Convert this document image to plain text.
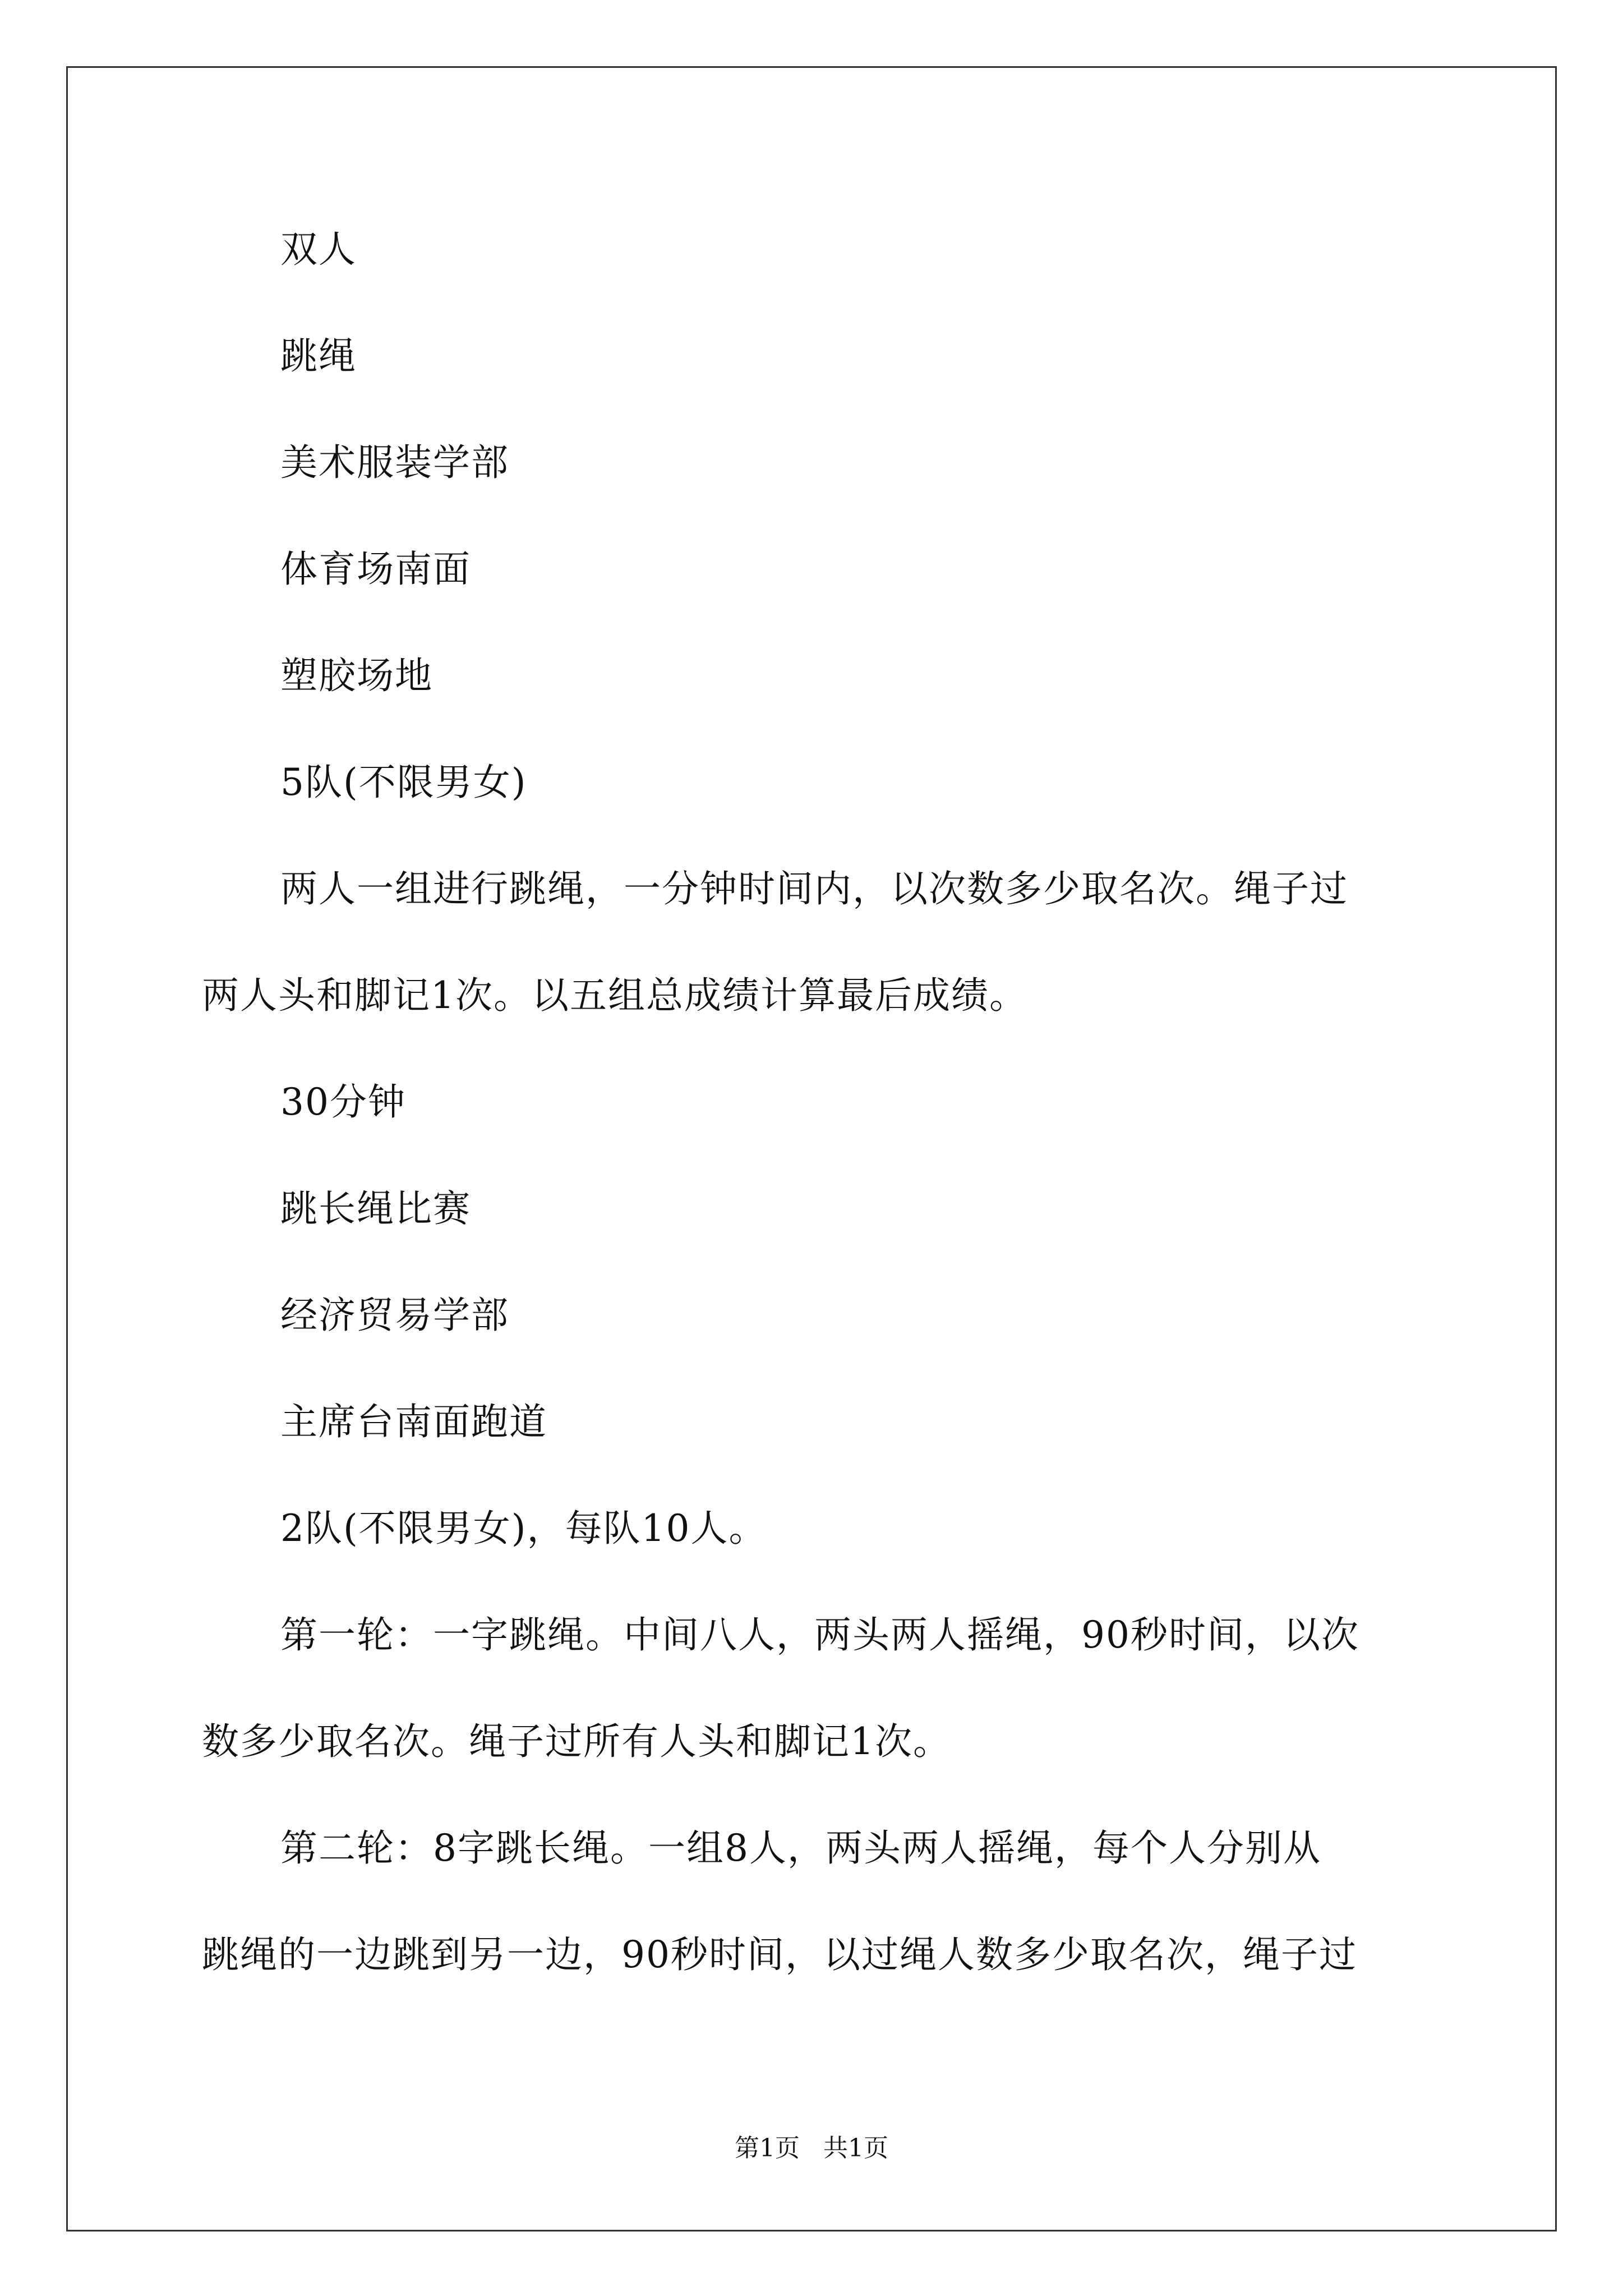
双人
跳绳
美术服装学部
体育场南面
塑胶场地
5队(不限男女)
两人一组进行跳绳，一分钟时间内，以次数多少取名次。绳子过
两人头和脚记1次。以五组总成绩计算最后成绩。
30分钟
跳长绳比赛
经济贸易学部
主席台南面跑道
2队(不限男女)，每队10人。
第一轮：一字跳绳。中间八人，两头两人摇绳，90秒时间，以次
数多少取名次。绳子过所有人头和脚记1次。
第二轮：8字跳长绳。一组8人，两头两人摇绳，每个人分别从
跳绳的一边跳到另一边，90秒时间，以过绳人数多少取名次，绳子过
第1页 共1页
